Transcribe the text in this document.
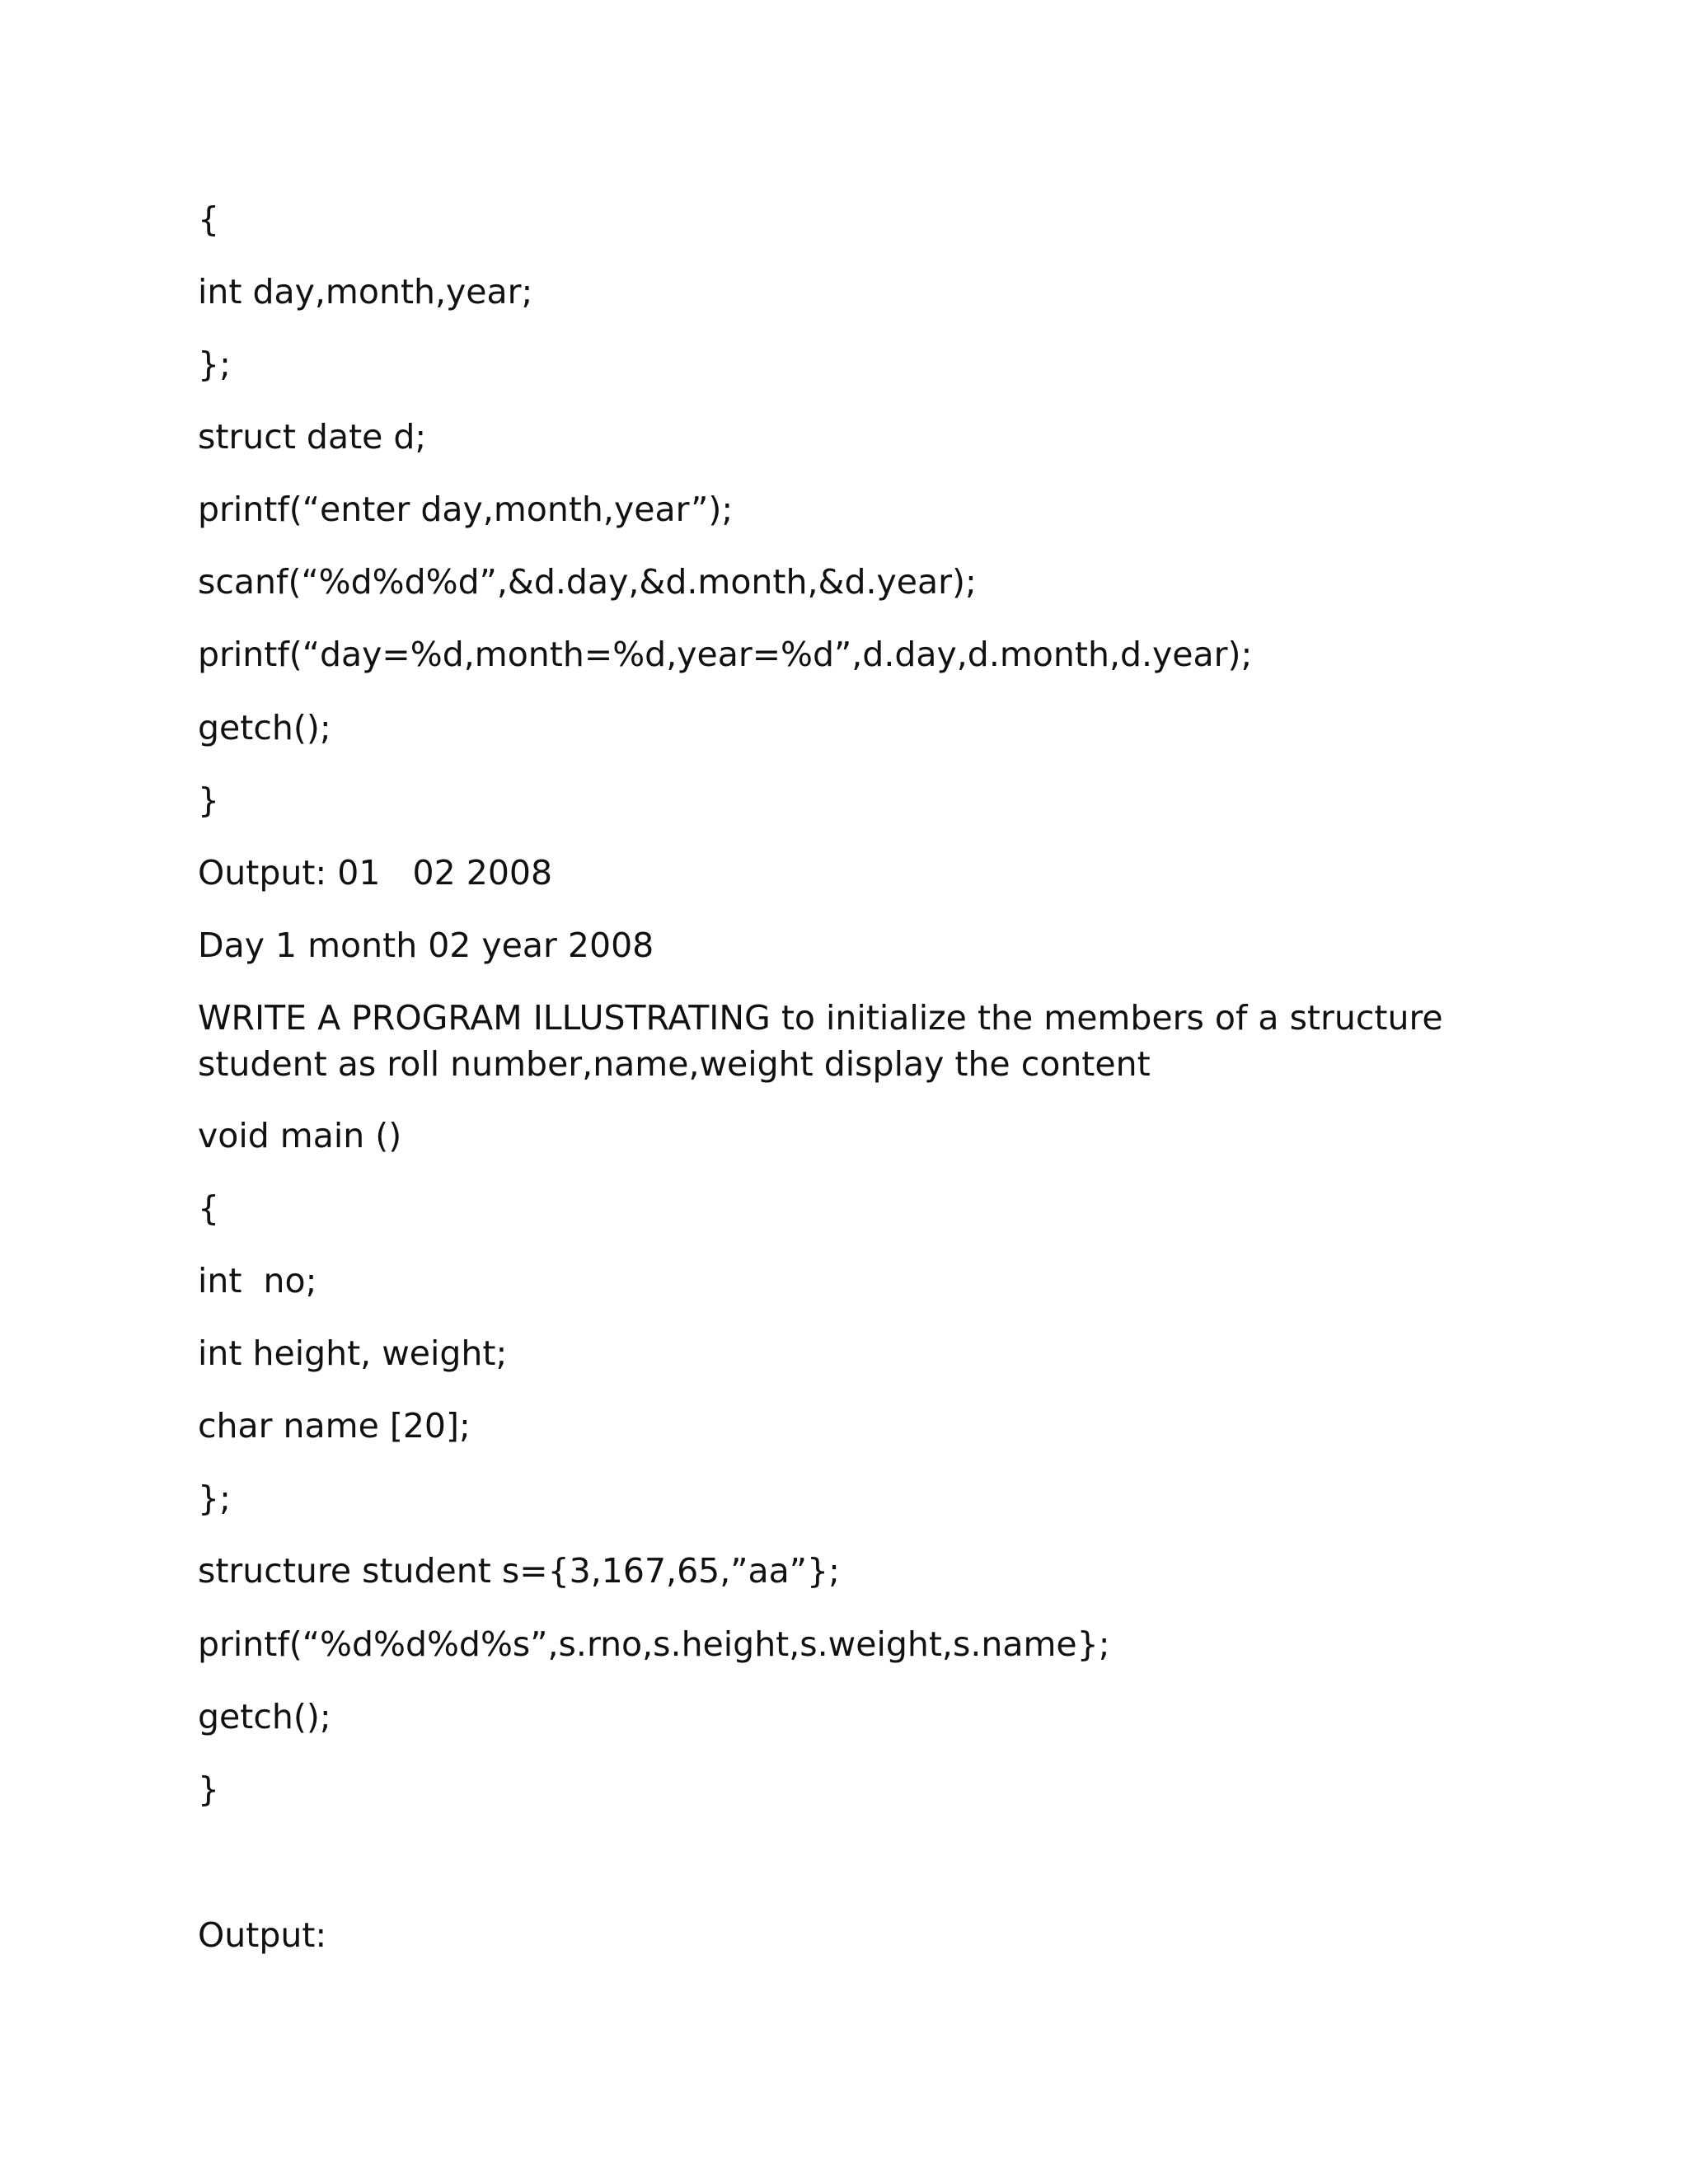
{

int day,month,year;

};

struct date d;

printf(“enter day,month,year”);

scanf(“%d%d%d”,&d.day,&d.month,&d.year);

printf(“day=%d,month=%d,year=%d”,d.day,d.month,d.year);

getch();

}

Output: 01   02 2008

Day 1 month 02 year 2008

WRITE A PROGRAM ILLUSTRATING to initialize the members of a structure student as roll number,name,weight display the content

void main ()

{

int  no;

int height, weight;

char name [20];

};

structure student s={3,167,65,”aa”};

printf(“%d%d%d%s”,s.rno,s.height,s.weight,s.name};

getch();

}

Output:
